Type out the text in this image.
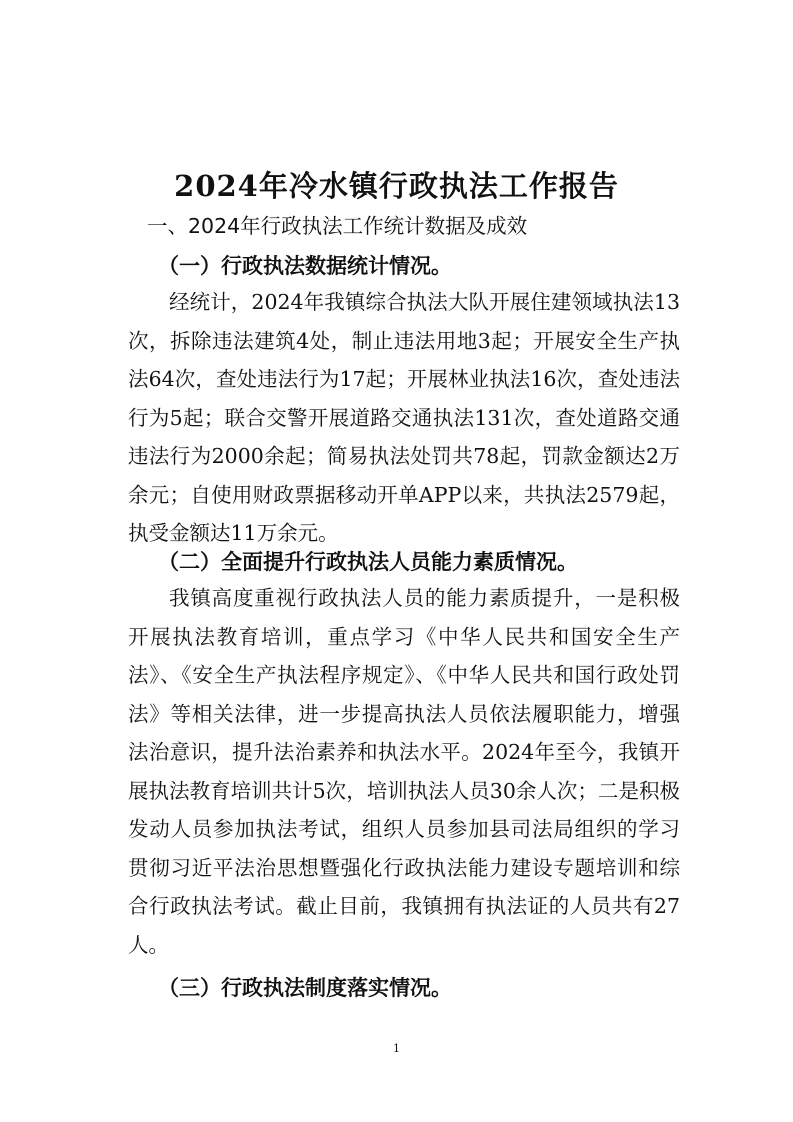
2024年冷水镇行政执法工作报告
一、2024年行政执法工作统计数据及成效
（一）行政执法数据统计情况。

经统计，2024年我镇综合执法大队开展住建领域执法13次，拆除违法建筑4处，制止违法用地3起；开展安全生产执法64次，查处违法行为17起；开展林业执法16次，查处违法行为5起；联合交警开展道路交通执法131次，查处道路交通违法行为2000余起；简易执法处罚共78起，罚款金额达2万余元；自使用财政票据移动开单APP以来，共执法2579起，执受金额达11万余元。

（二）全面提升行政执法人员能力素质情况。

我镇高度重视行政执法人员的能力素质提升，一是积极开展执法教育培训，重点学习《中华人民共和国安全生产法》、《安全生产执法程序规定》、《中华人民共和国行政处罚法》等相关法律，进一步提高执法人员依法履职能力，增强法治意识，提升法治素养和执法水平。2024年至今，我镇开展执法教育培训共计5次，培训执法人员30余人次；二是积极发动人员参加执法考试，组织人员参加县司法局组织的学习贯彻习近平法治思想暨强化行政执法能力建设专题培训和综合行政执法考试。截止目前，我镇拥有执法证的人员共有27人。

（三）行政执法制度落实情况。
1
